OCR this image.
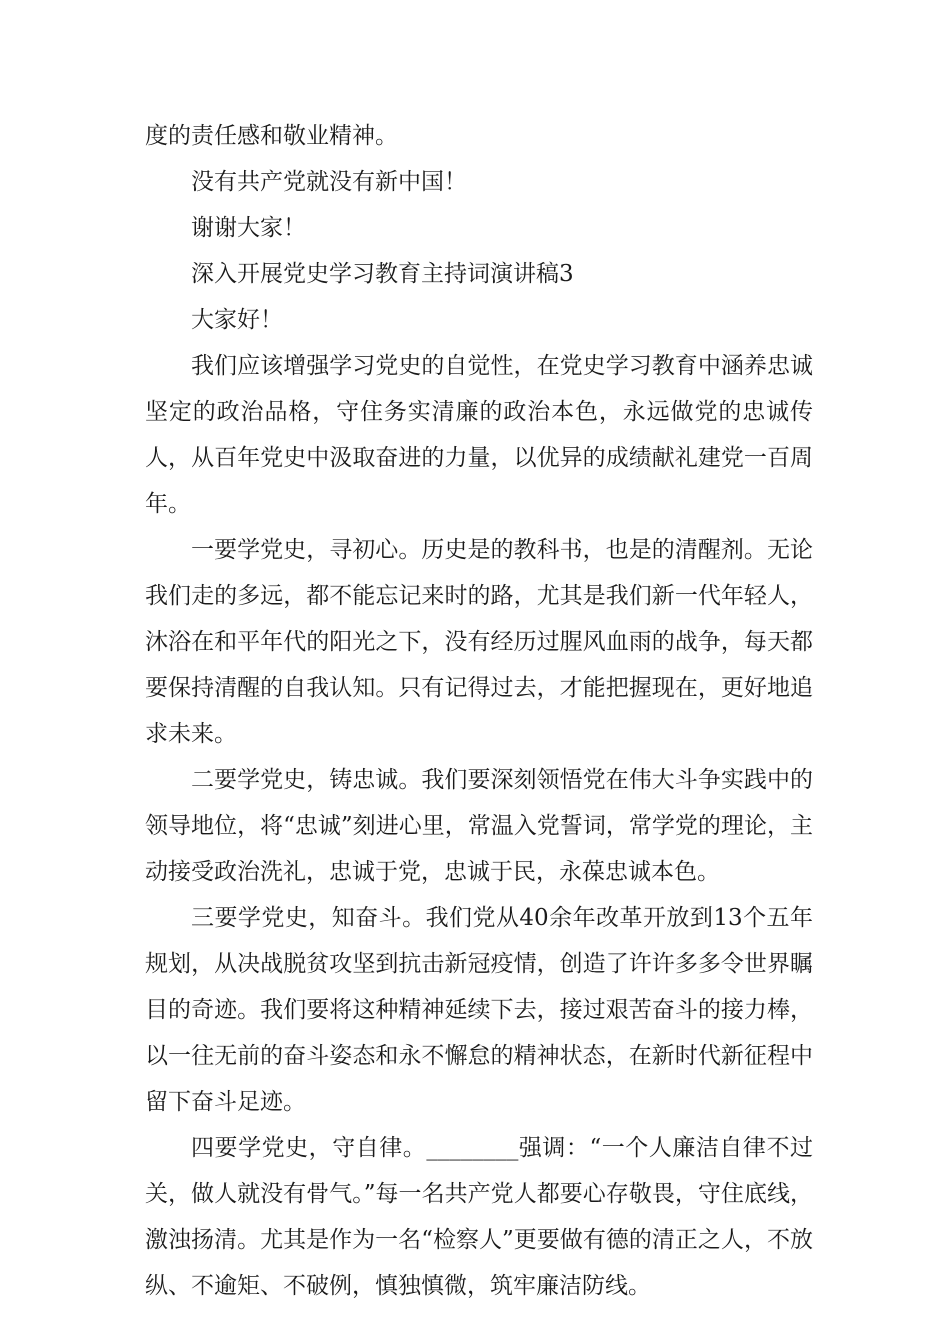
度的责任感和敬业精神。

没有共产党就没有新中国！

谢谢大家！

深入开展党史学习教育主持词演讲稿3

大家好！

我们应该增强学习党史的自觉性，在党史学习教育中涵养忠诚坚定的政治品格，守住务实清廉的政治本色，永远做党的忠诚传人，从百年党史中汲取奋进的力量，以优异的成绩献礼建党一百周年。

一要学党史，寻初心。历史是的教科书，也是的清醒剂。无论我们走的多远，都不能忘记来时的路，尤其是我们新一代年轻人，沐浴在和平年代的阳光之下，没有经历过腥风血雨的战争，每天都要保持清醒的自我认知。只有记得过去，才能把握现在，更好地追求未来。

二要学党史，铸忠诚。我们要深刻领悟党在伟大斗争实践中的领导地位，将“忠诚”刻进心里，常温入党誓词，常学党的理论，主动接受政治洗礼，忠诚于党，忠诚于民，永葆忠诚本色。

三要学党史，知奋斗。我们党从40余年改革开放到13个五年规划，从决战脱贫攻坚到抗击新冠疫情，创造了许许多多令世界瞩目的奇迹。我们要将这种精神延续下去，接过艰苦奋斗的接力棒，以一往无前的奋斗姿态和永不懈怠的精神状态，在新时代新征程中留下奋斗足迹。

四要学党史，守自律。________强调：“一个人廉洁自律不过关，做人就没有骨气。”每一名共产党人都要心存敬畏，守住底线，激浊扬清。尤其是作为一名“检察人”更要做有德的清正之人，不放纵、不逾矩、不破例，慎独慎微，筑牢廉洁防线。
